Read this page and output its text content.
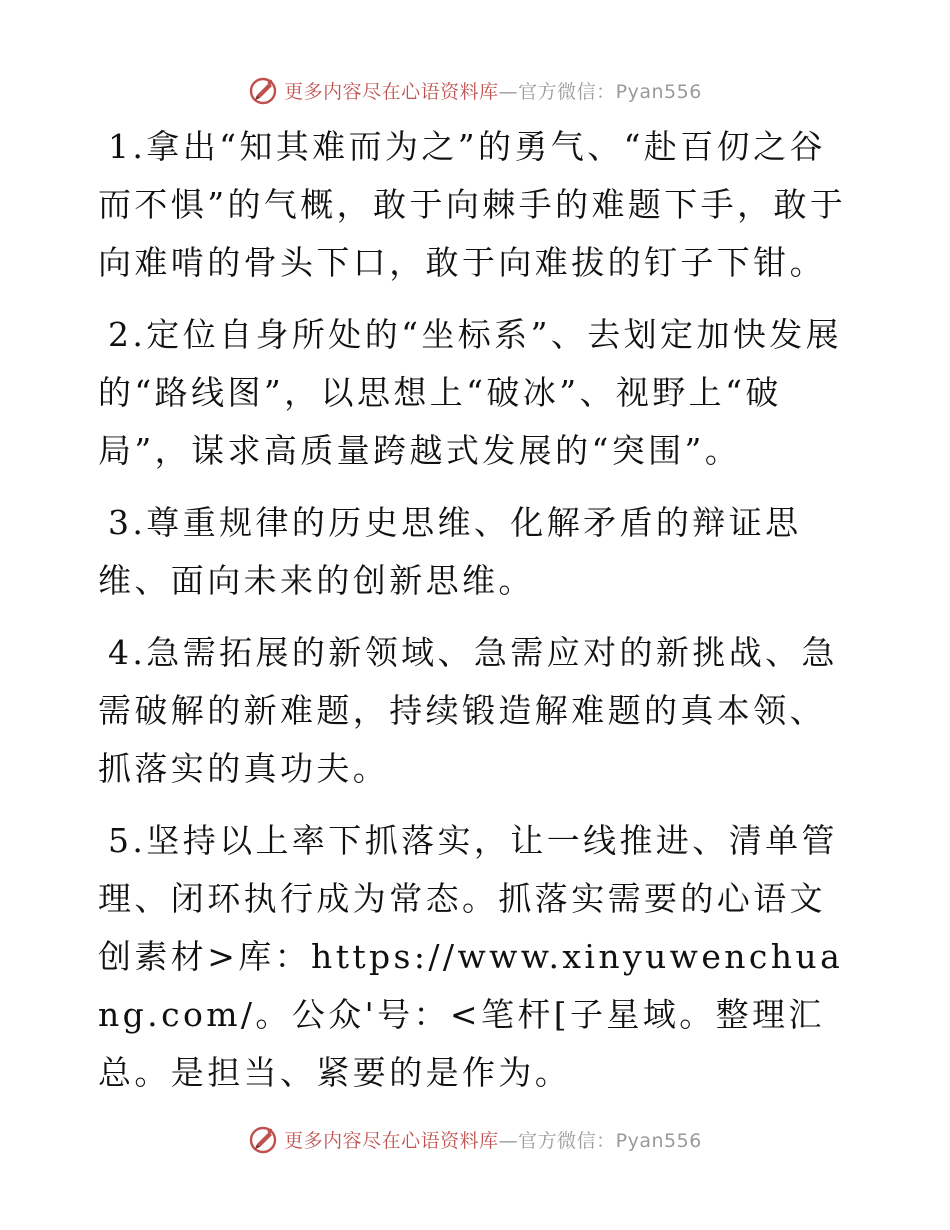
更多内容尽在心语资料库—官方微信：Pyan556

1.拿出“知其难而为之”的勇气、“赴百仞之谷而不惧”的气概，敢于向棘手的难题下手，敢于向难啃的骨头下口，敢于向难拔的钉子下钳。

2.定位自身所处的“坐标系”、去划定加快发展的“路线图”，以思想上“破冰”、视野上“破局”，谋求高质量跨越式发展的“突围”。

3.尊重规律的历史思维、化解矛盾的辩证思维、面向未来的创新思维。

4.急需拓展的新领域、急需应对的新挑战、急需破解的新难题，持续锻造解难题的真本领、抓落实的真功夫。

5.坚持以上率下抓落实，让一线推进、清单管理、闭环执行成为常态。抓落实需要的心语文创素材>库：https://www.xinyuwenchuang.com/。公众'号：<笔杆[子星域。整理汇总。是担当、紧要的是作为。

更多内容尽在心语资料库—官方微信：Pyan556
